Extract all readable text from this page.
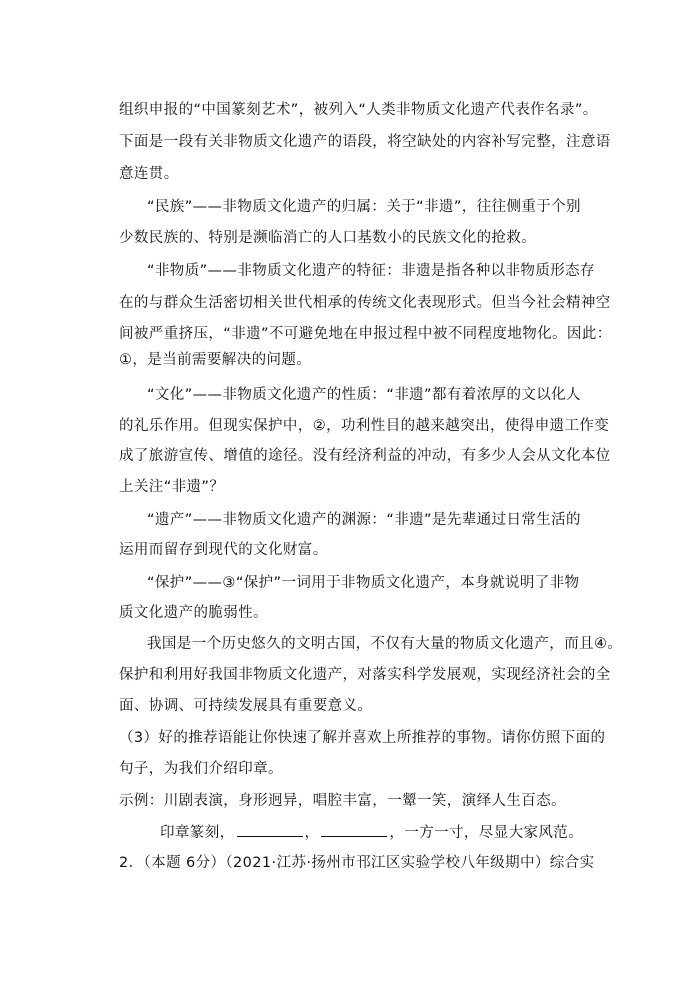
组织申报的“中国篆刻艺术”，被列入“人类非物质文化遗产代表作名录”。
下面是一段有关非物质文化遗产的语段，将空缺处的内容补写完整，注意语
意连贯。
“民族”——非物质文化遗产的归属：关于“非遗”，往往侧重于个别
少数民族的、特别是濒临消亡的人口基数小的民族文化的抢救。
“非物质”——非物质文化遗产的特征：非遗是指各种以非物质形态存
在的与群众生活密切相关世代相承的传统文化表现形式。但当今社会精神空
间被严重挤压，“非遗”不可避免地在申报过程中被不同程度地物化。因此：
①，是当前需要解决的问题。
“文化”——非物质文化遗产的性质：“非遗”都有着浓厚的文以化人
的礼乐作用。但现实保护中，②，功利性目的越来越突出，使得申遗工作变
成了旅游宣传、增值的途径。没有经济利益的冲动，有多少人会从文化本位
上关注“非遗”？
“遗产”——非物质文化遗产的渊源：“非遗”是先辈通过日常生活的
运用而留存到现代的文化财富。
“保护”——③“保护”一词用于非物质文化遗产，本身就说明了非物
质文化遗产的脆弱性。
我国是一个历史悠久的文明古国，不仅有大量的物质文化遗产，而且④。
保护和利用好我国非物质文化遗产，对落实科学发展观，实现经济社会的全
面、协调、可持续发展具有重要意义。
（3）好的推荐语能让你快速了解并喜欢上所推荐的事物。请你仿照下面的
句子，为我们介绍印章。
示例：川剧表演，身形迥异，唱腔丰富，一颦一笑，演绎人生百态。
印章篆刻，	，	，一方一寸，尽显大家风范。
2．（本题 6分）（2021·江苏·扬州市邗江区实验学校八年级期中）综合实
